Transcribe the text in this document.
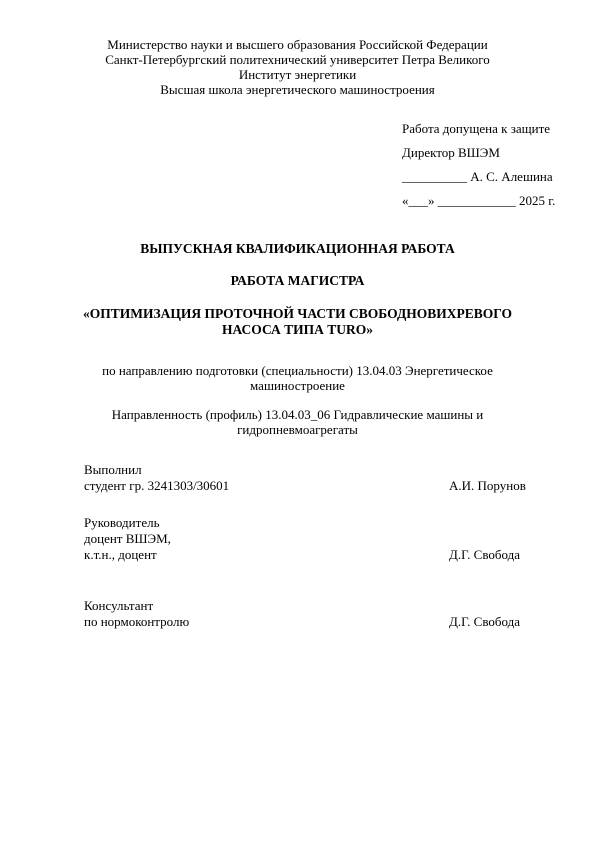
Министерство науки и высшего образования Российской Федерации
Санкт-Петербургский политехнический университет Петра Великого
Институт энергетики
Высшая школа энергетического машиностроения
Работа допущена к защите
Директор ВШЭМ
__________ А. С. Алешина
«___» ____________ 2025 г.
ВЫПУСКНАЯ КВАЛИФИКАЦИОННАЯ РАБОТА
РАБОТА МАГИСТРА
«ОПТИМИЗАЦИЯ ПРОТОЧНОЙ ЧАСТИ СВОБОДНОВИХРЕВОГО
НАСОСА ТИПА TURO»
по направлению подготовки (специальности) 13.04.03 Энергетическое
машиностроение
Направленность (профиль) 13.04.03_06 Гидравлические машины и
гидропневмоагрегаты
Выполнил
студент гр. 3241303/30601	А.И. Порунов
Руководитель
доцент ВШЭМ,
к.т.н., доцент	Д.Г. Свобода
Консультант
по нормоконтролю	Д.Г. Свобода
